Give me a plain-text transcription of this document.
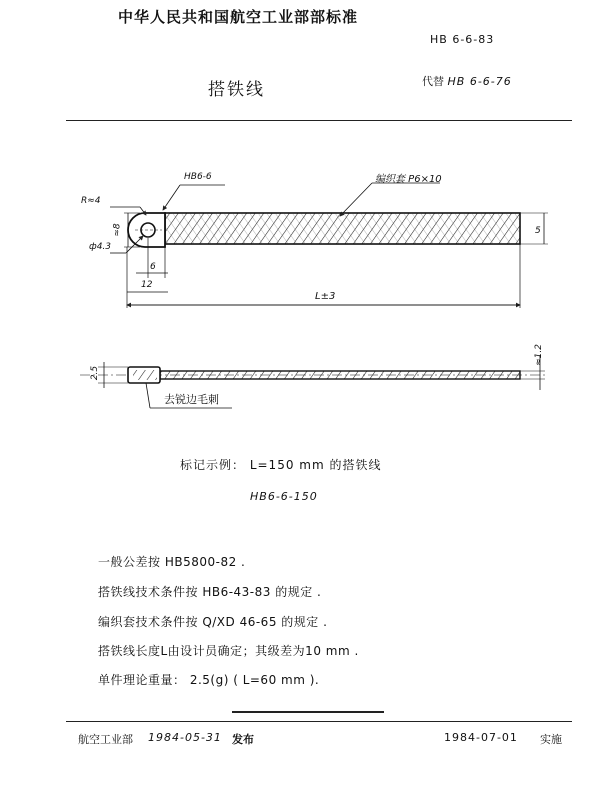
中华人民共和国航空工业部部标准
HB 6-6-83
搭铁线	代替 HB 6-6-76
R≈4
≈8
ф4.3
HB6-6	编织套 P6×10
5
6
12
L±3
2.5
≈1.2
去锐边毛刺
标记示例： L=150 mm 的搭铁线
HB6-6-150
一般公差按 HB5800-82 .
搭铁线技术条件按 HB6-43-83 的规定 .
编织套技术条件按 Q/XD 46-65 的规定 .
搭铁线长度L由设计员确定；其级差为10 mm .
单件理论重量： 2.5(g) ( L=60 mm ).
航空工业部 1984-05-31 发布	1984-07-01 实施
